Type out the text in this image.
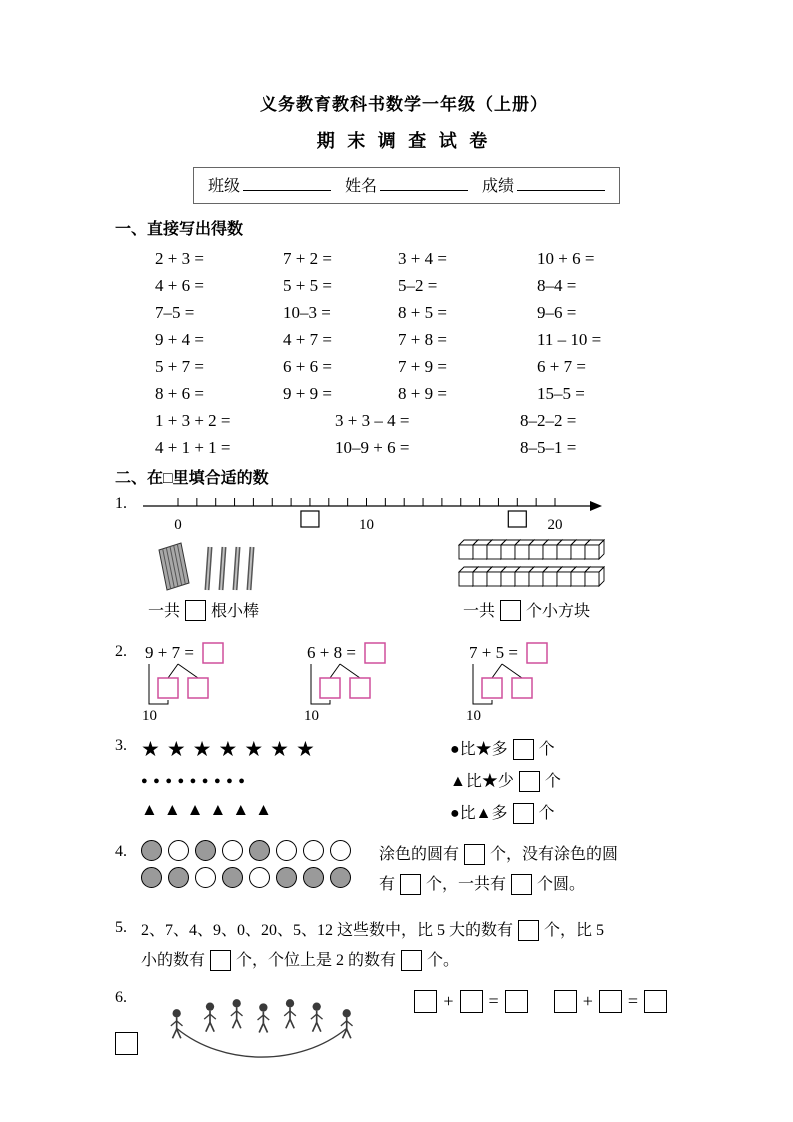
义务教育教科书数学一年级（上册）
期 末 调 查 试 卷
班级	姓名	成绩
一、直接写出得数
2 + 3 =	7 + 2 =	3 + 4 =	10 + 6 =
4 + 6 =	5 + 5 =	5–2 =	8–4 =
7–5 =	10–3 =	8 + 5 =	9–6 =
9 + 4 =	4 + 7 =	7 + 8 =	11 – 10 =
5 + 7 =	6 + 6 =	7 + 9 =	6 + 7 =
8 + 6 =	9 + 9 =	8 + 9 =	15–5 =
1 + 3 + 2 =	3 + 3 – 4 =	8–2–2 =
4 + 1 + 1 =	10–9 + 6 =	8–5–1 =
二、在□里填合适的数
1.
0	10	20
一共 根小棒	一共 个小方块
2.	9 + 7 =
10
6 + 8 =
10
7 + 5 =
10
3. ★★★★★★★
●●●●●●●●●
▲▲▲▲▲▲
●比★多 个
▲比★少 个
●比▲多 个
4.	涂色的圆有 个，没有涂色的圆
有 个，一共有 个圆。
5. 2、7、4、9、0、20、5、12 这些数中，比 5 大的数有 个，比 5
小的数有 个，个位上是 2 的数有 个。
6.	+ =	+ =
